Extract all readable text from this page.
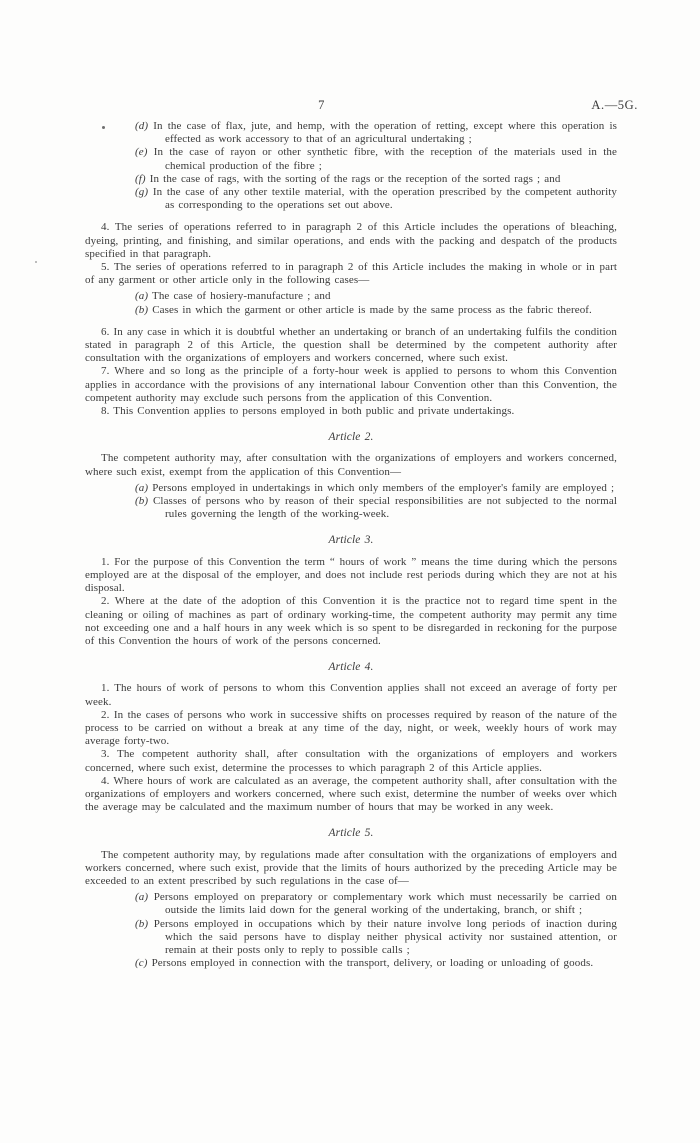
7	A.—5G.
(d) In the case of flax, jute, and hemp, with the operation of retting, except where this operation is effected as work accessory to that of an agricultural undertaking ;
(e) In the case of rayon or other synthetic fibre, with the reception of the materials used in the chemical production of the fibre ;
(f) In the case of rags, with the sorting of the rags or the reception of the sorted rags ; and
(g) In the case of any other textile material, with the operation prescribed by the competent authority as corresponding to the operations set out above.
4. The series of operations referred to in paragraph 2 of this Article includes the operations of bleaching, dyeing, printing, and finishing, and similar operations, and ends with the packing and despatch of the products specified in that paragraph.
5. The series of operations referred to in paragraph 2 of this Article includes the making in whole or in part of any garment or other article only in the following cases—
(a) The case of hosiery-manufacture ; and
(b) Cases in which the garment or other article is made by the same process as the fabric thereof.
6. In any case in which it is doubtful whether an undertaking or branch of an undertaking fulfils the condition stated in paragraph 2 of this Article, the question shall be determined by the competent authority after consultation with the organizations of employers and workers concerned, where such exist.
7. Where and so long as the principle of a forty-hour week is applied to persons to whom this Convention applies in accordance with the provisions of any international labour Convention other than this Convention, the competent authority may exclude such persons from the application of this Convention.
8. This Convention applies to persons employed in both public and private undertakings.
Article 2.
The competent authority may, after consultation with the organizations of employers and workers concerned, where such exist, exempt from the application of this Convention—
(a) Persons employed in undertakings in which only members of the employer's family are employed ;
(b) Classes of persons who by reason of their special responsibilities are not subjected to the normal rules governing the length of the working-week.
Article 3.
1. For the purpose of this Convention the term “ hours of work ” means the time during which the persons employed are at the disposal of the employer, and does not include rest periods during which they are not at his disposal.
2. Where at the date of the adoption of this Convention it is the practice not to regard time spent in the cleaning or oiling of machines as part of ordinary working-time, the competent authority may permit any time not exceeding one and a half hours in any week which is so spent to be disregarded in reckoning for the purpose of this Convention the hours of work of the persons concerned.
Article 4.
1. The hours of work of persons to whom this Convention applies shall not exceed an average of forty per week.
2. In the cases of persons who work in successive shifts on processes required by reason of the nature of the process to be carried on without a break at any time of the day, night, or week, weekly hours of work may average forty-two.
3. The competent authority shall, after consultation with the organizations of employers and workers concerned, where such exist, determine the processes to which paragraph 2 of this Article applies.
4. Where hours of work are calculated as an average, the competent authority shall, after consultation with the organizations of employers and workers concerned, where such exist, determine the number of weeks over which the average may be calculated and the maximum number of hours that may be worked in any week.
Article 5.
The competent authority may, by regulations made after consultation with the organizations of employers and workers concerned, where such exist, provide that the limits of hours authorized by the preceding Article may be exceeded to an extent prescribed by such regulations in the case of—
(a) Persons employed on preparatory or complementary work which must necessarily be carried on outside the limits laid down for the general working of the undertaking, branch, or shift ;
(b) Persons employed in occupations which by their nature involve long periods of inaction during which the said persons have to display neither physical activity nor sustained attention, or remain at their posts only to reply to possible calls ;
(c) Persons employed in connection with the transport, delivery, or loading or unloading of goods.
